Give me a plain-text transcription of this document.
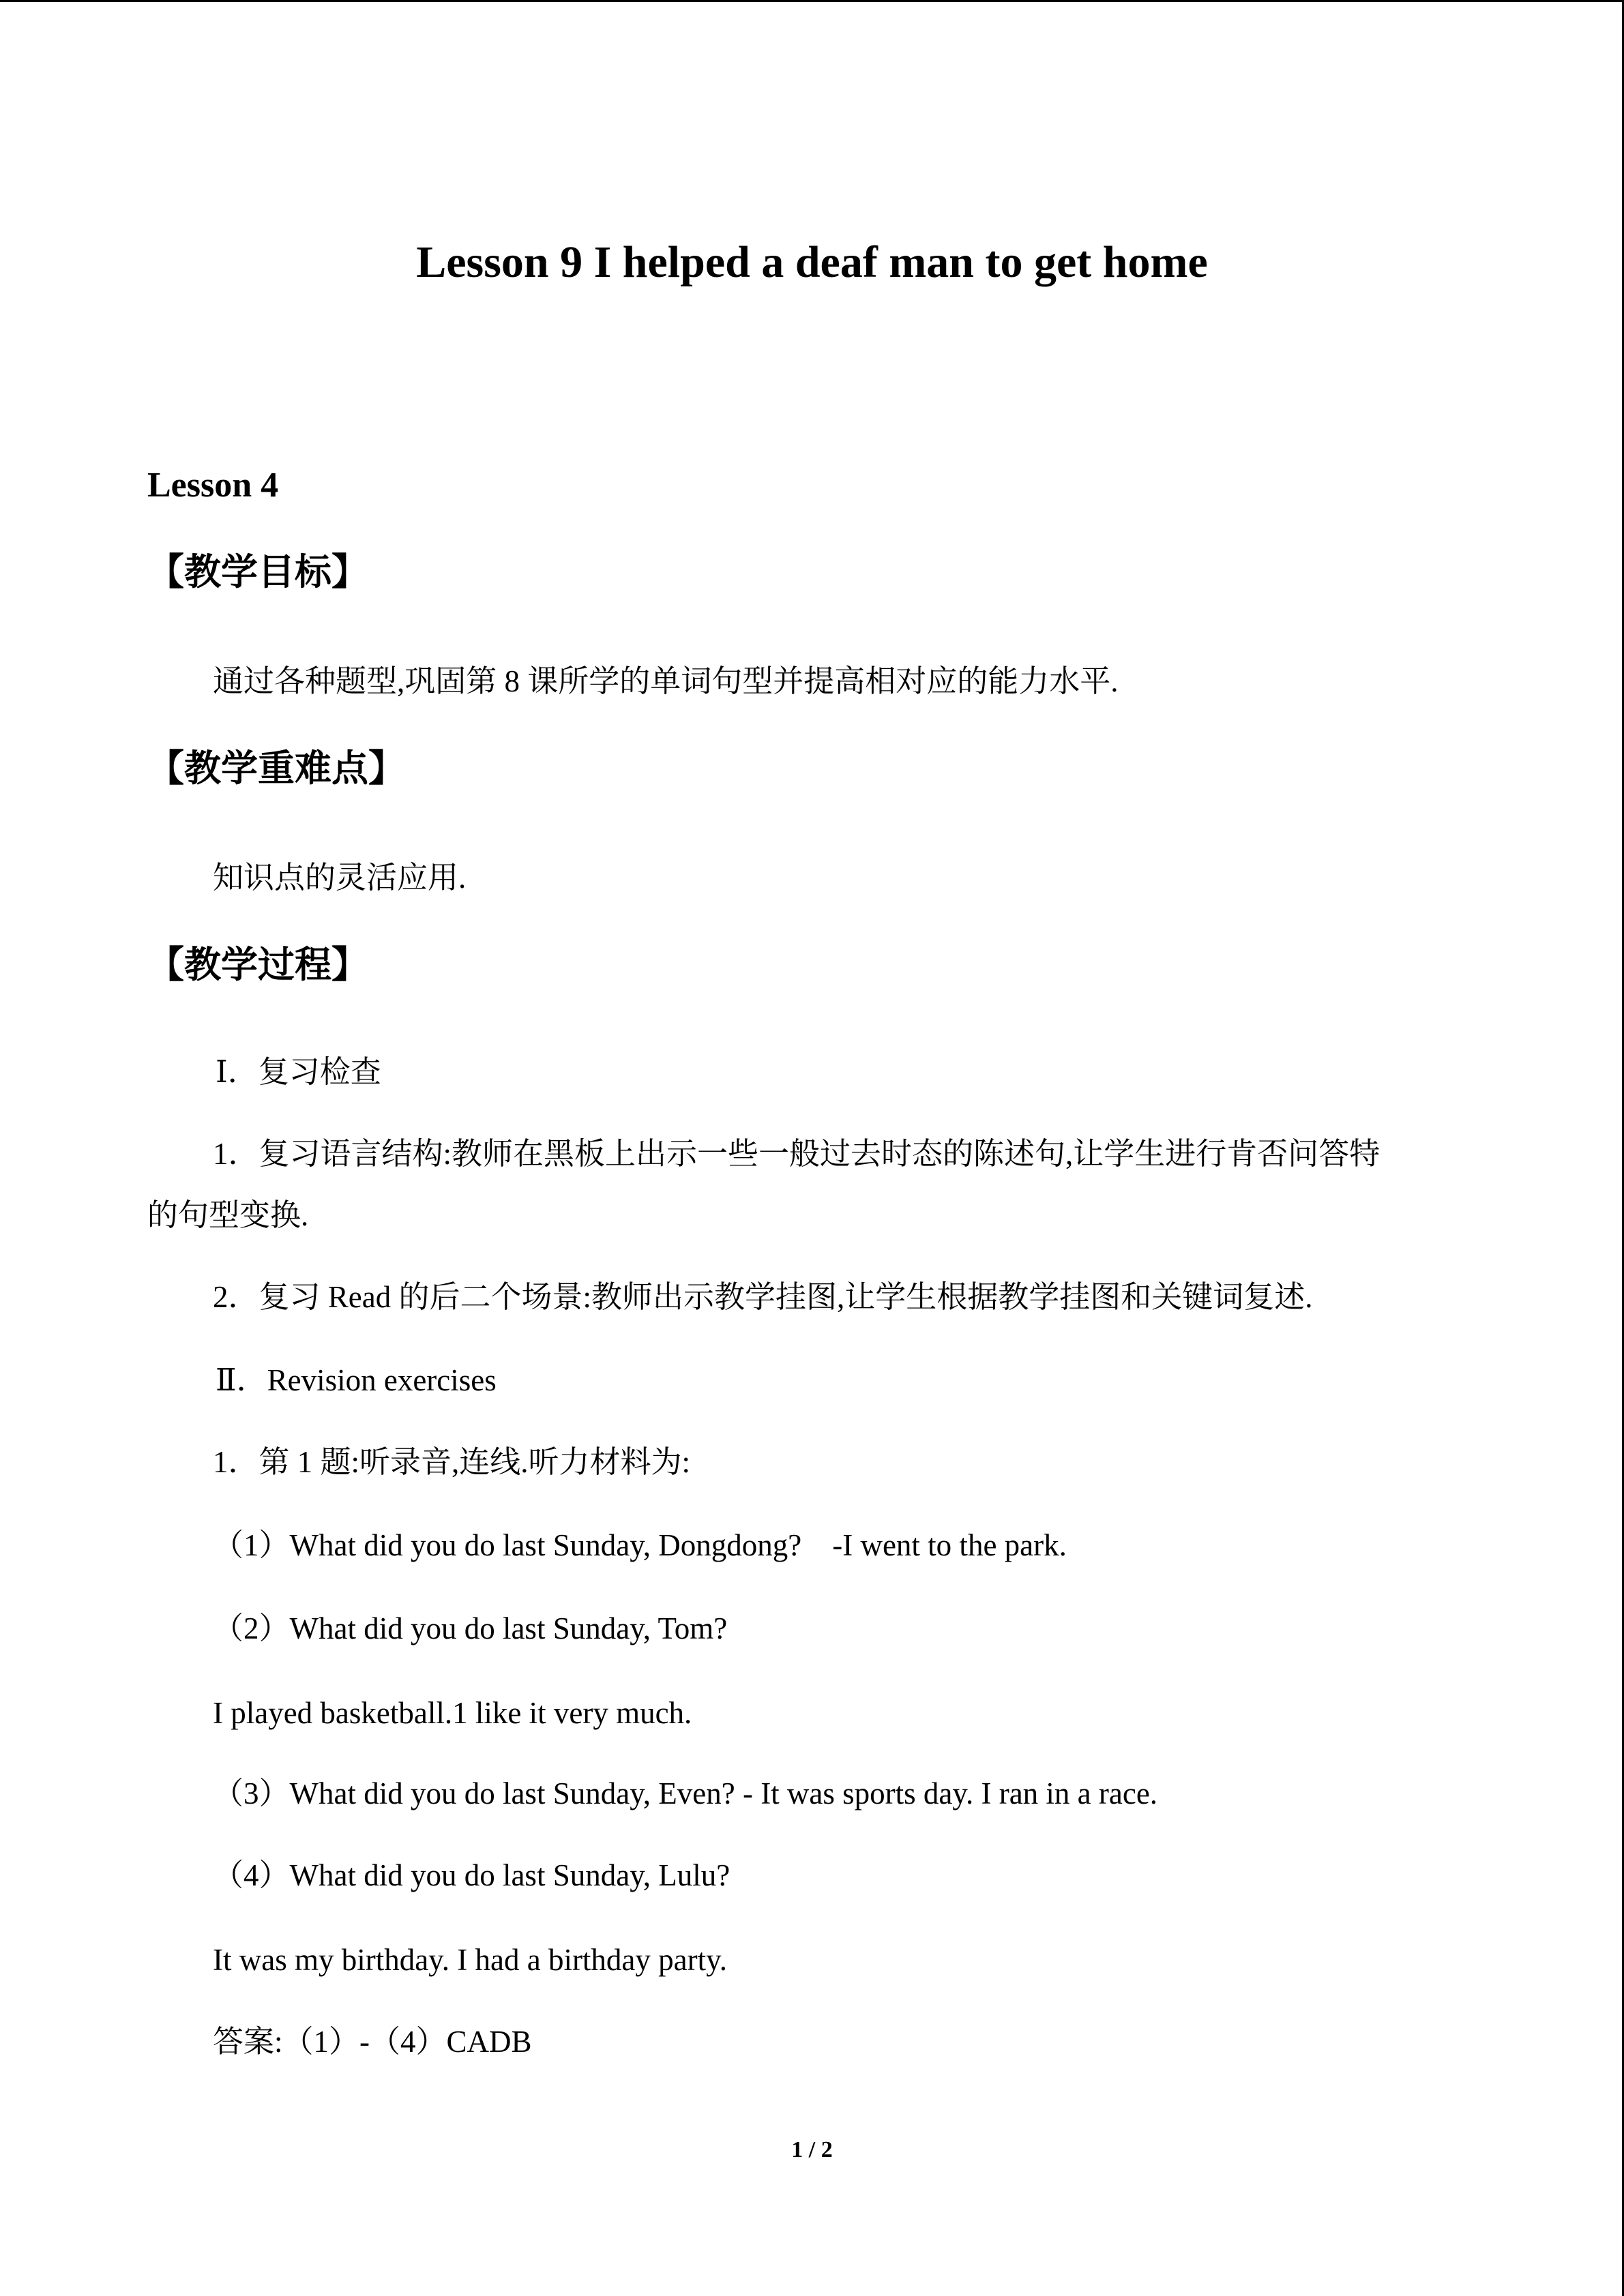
Lesson 9 I helped a deaf man to get home
Lesson 4
【教学目标】
通过各种题型,巩固第 8 课所学的单词句型并提高相对应的能力水平.
【教学重难点】
知识点的灵活应用.
【教学过程】
Ⅰ．复习检查
1．复习语言结构:教师在黑板上出示一些一般过去时态的陈述句,让学生进行肯否问答特
的句型变换.
2．复习 Read 的后二个场景:教师出示教学挂图,让学生根据教学挂图和关键词复述.
Ⅱ．Revision exercises
1．第 1 题:听录音,连线.听力材料为:
（1）What did you do last Sunday, Dongdong?　-I went to the park.
（2）What did you do last Sunday, Tom?
I played basketball.1 like it very much.
（3）What did you do last Sunday, Even? - It was sports day. I ran in a race.
（4）What did you do last Sunday, Lulu?
It was my birthday. I had a birthday party.
答案:（1）-（4）CADB
1 / 2
